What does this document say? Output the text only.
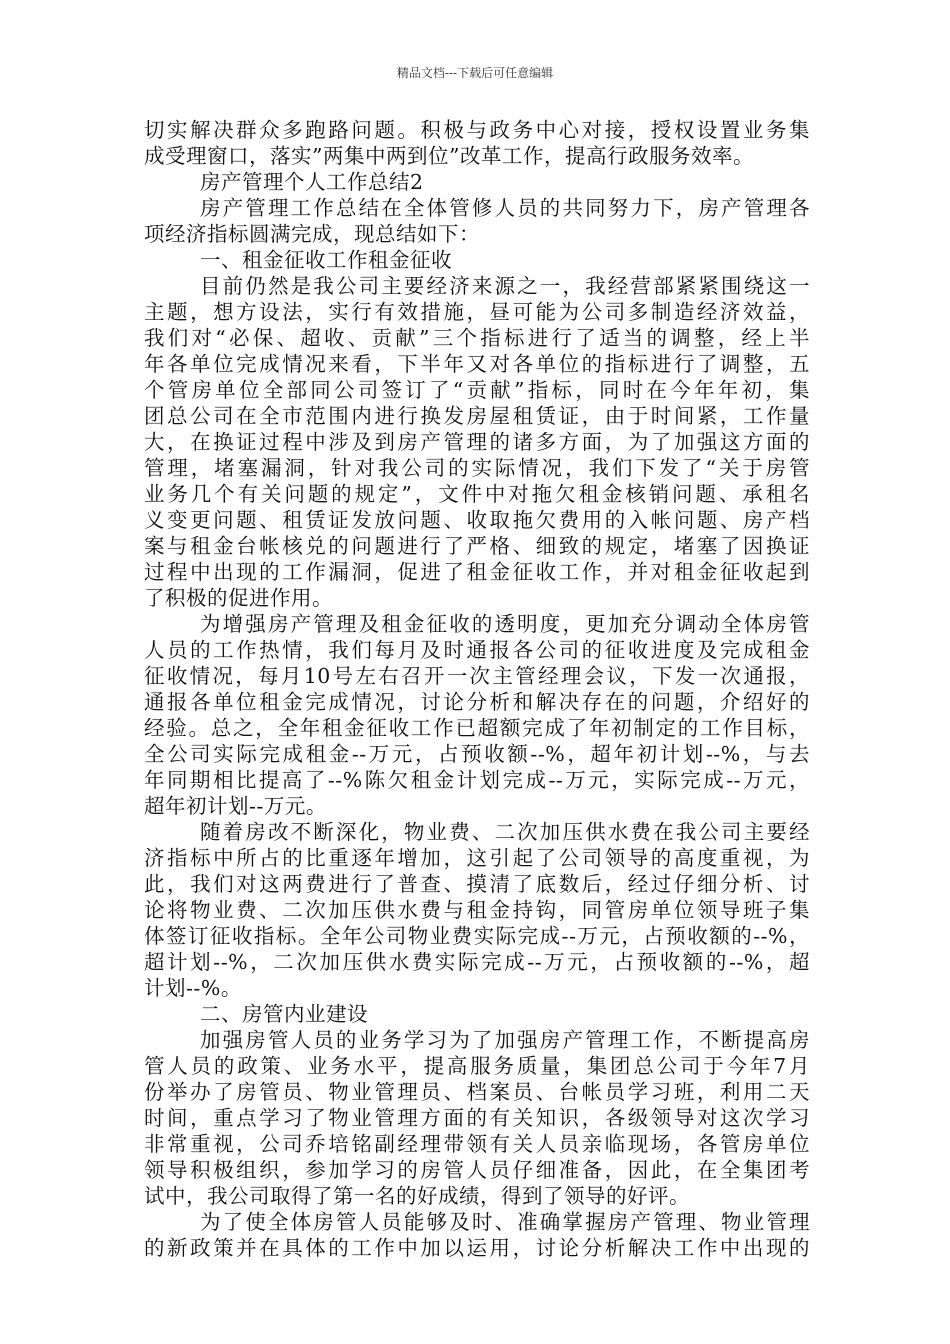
精品文档---下载后可任意编辑
切实解决群众多跑路问题。积极与政务中心对接，授权设置业务集
成受理窗口，落实”两集中两到位”改革工作，提高行政服务效率。
房产管理个人工作总结2
房产管理工作总结在全体管修人员的共同努力下，房产管理各
项经济指标圆满完成，现总结如下：
一、租金征收工作租金征收
目前仍然是我公司主要经济来源之一，我经营部紧紧围绕这一
主题，想方设法，实行有效措施，昼可能为公司多制造经济效益，
我们对“必保、超收、贡献”三个指标进行了适当的调整，经上半
年各单位完成情况来看，下半年又对各单位的指标进行了调整，五
个管房单位全部同公司签订了“贡献”指标，同时在今年年初，集
团总公司在全市范围内进行换发房屋租赁证，由于时间紧，工作量
大，在换证过程中涉及到房产管理的诸多方面，为了加强这方面的
管理，堵塞漏洞，针对我公司的实际情况，我们下发了“关于房管
业务几个有关问题的规定”，文件中对拖欠租金核销问题、承租名
义变更问题、租赁证发放问题、收取拖欠费用的入帐问题、房产档
案与租金台帐核兑的问题进行了严格、细致的规定，堵塞了因换证
过程中出现的工作漏洞，促进了租金征收工作，并对租金征收起到
了积极的促进作用。
为增强房产管理及租金征收的透明度，更加充分调动全体房管
人员的工作热情，我们每月及时通报各公司的征收进度及完成租金
征收情况，每月10号左右召开一次主管经理会议，下发一次通报，
通报各单位租金完成情况，讨论分析和解决存在的问题，介绍好的
经验。总之，全年租金征收工作已超额完成了年初制定的工作目标，
全公司实际完成租金--万元，占预收额--%，超年初计划--%，与去
年同期相比提高了--%陈欠租金计划完成--万元，实际完成--万元，
超年初计划--万元。
随着房改不断深化，物业费、二次加压供水费在我公司主要经
济指标中所占的比重逐年增加，这引起了公司领导的高度重视，为
此，我们对这两费进行了普查、摸清了底数后，经过仔细分析、讨
论将物业费、二次加压供水费与租金持钩，同管房单位领导班子集
体签订征收指标。全年公司物业费实际完成--万元，占预收额的--%，
超计划--%，二次加压供水费实际完成--万元，占预收额的--%，超
计划--%。
二、房管内业建设
加强房管人员的业务学习为了加强房产管理工作，不断提高房
管人员的政策、业务水平，提高服务质量，集团总公司于今年7月
份举办了房管员、物业管理员、档案员、台帐员学习班，利用二天
时间，重点学习了物业管理方面的有关知识，各级领导对这次学习
非常重视，公司乔培铭副经理带领有关人员亲临现场，各管房单位
领导积极组织，参加学习的房管人员仔细准备，因此，在全集团考
试中，我公司取得了第一名的好成绩，得到了领导的好评。
为了使全体房管人员能够及时、准确掌握房产管理、物业管理
的新政策并在具体的工作中加以运用，讨论分析解决工作中出现的
